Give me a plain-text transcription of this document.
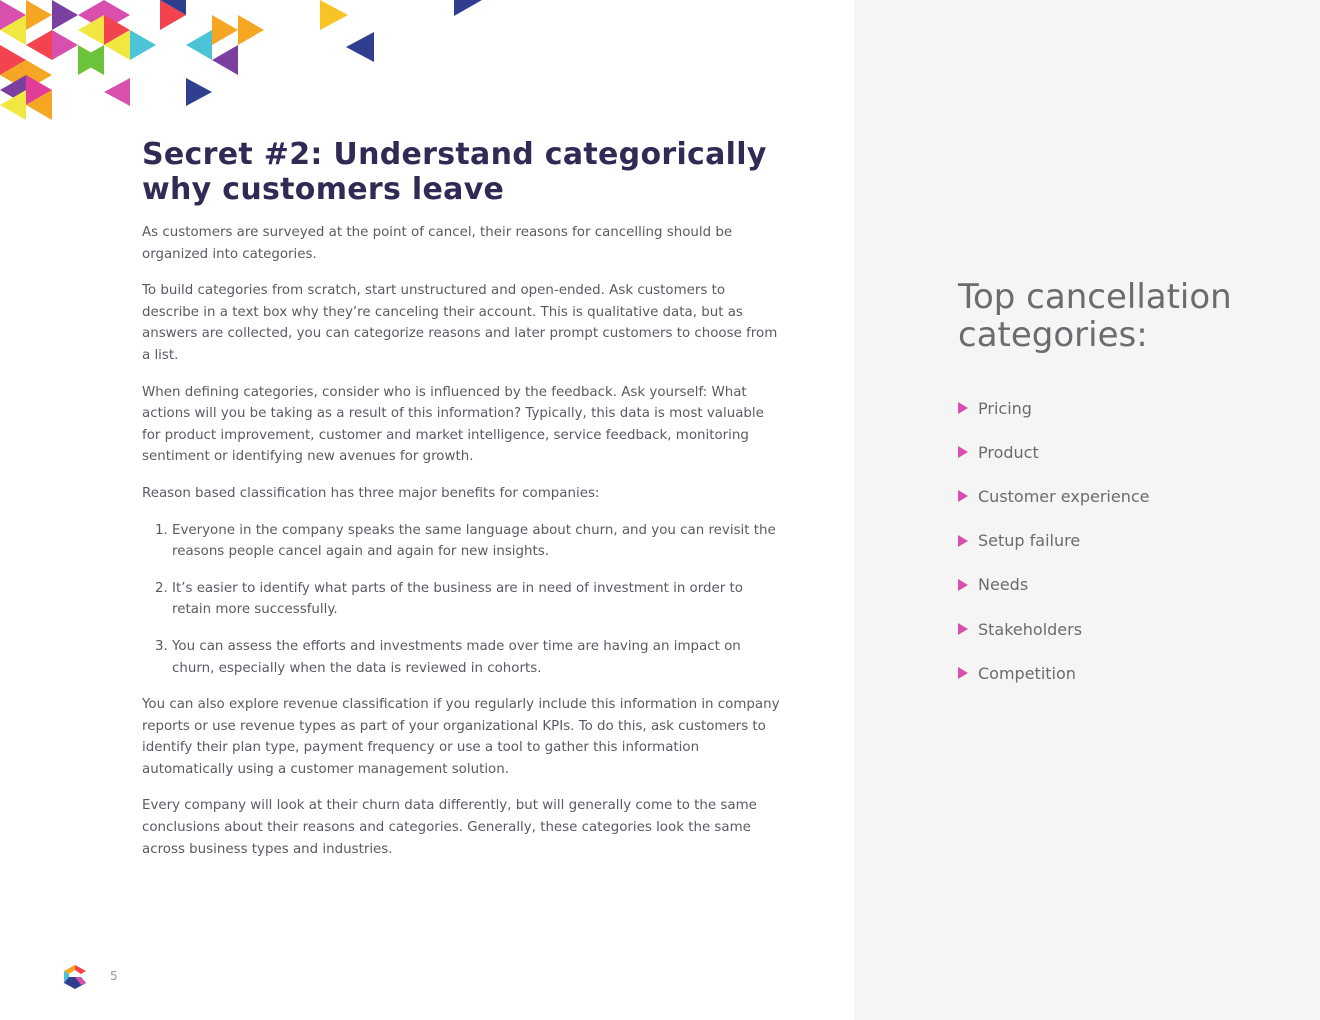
Secret #2: Understand categorically why customers leave

As customers are surveyed at the point of cancel, their reasons for cancelling should be organized into categories.

To build categories from scratch, start unstructured and open-ended. Ask customers to describe in a text box why they’re canceling their account. This is qualitative data, but as answers are collected, you can categorize reasons and later prompt customers to choose from a list.

When defining categories, consider who is influenced by the feedback. Ask yourself: What actions will you be taking as a result of this information? Typically, this data is most valuable for product improvement, customer and market intelligence, service feedback, monitoring sentiment or identifying new avenues for growth.

Reason based classification has three major benefits for companies:

1. Everyone in the company speaks the same language about churn, and you can revisit the reasons people cancel again and again for new insights.
2. It’s easier to identify what parts of the business are in need of investment in order to retain more successfully.
3. You can assess the efforts and investments made over time are having an impact on churn, especially when the data is reviewed in cohorts.

You can also explore revenue classification if you regularly include this information in company reports or use revenue types as part of your organizational KPIs. To do this, ask customers to identify their plan type, payment frequency or use a tool to gather this information automatically using a customer management solution.

Every company will look at their churn data differently, but will generally come to the same conclusions about their reasons and categories. Generally, these categories look the same across business types and industries.

5
Top cancellation categories:
Pricing
Product
Customer experience
Setup failure
Needs
Stakeholders
Competition
